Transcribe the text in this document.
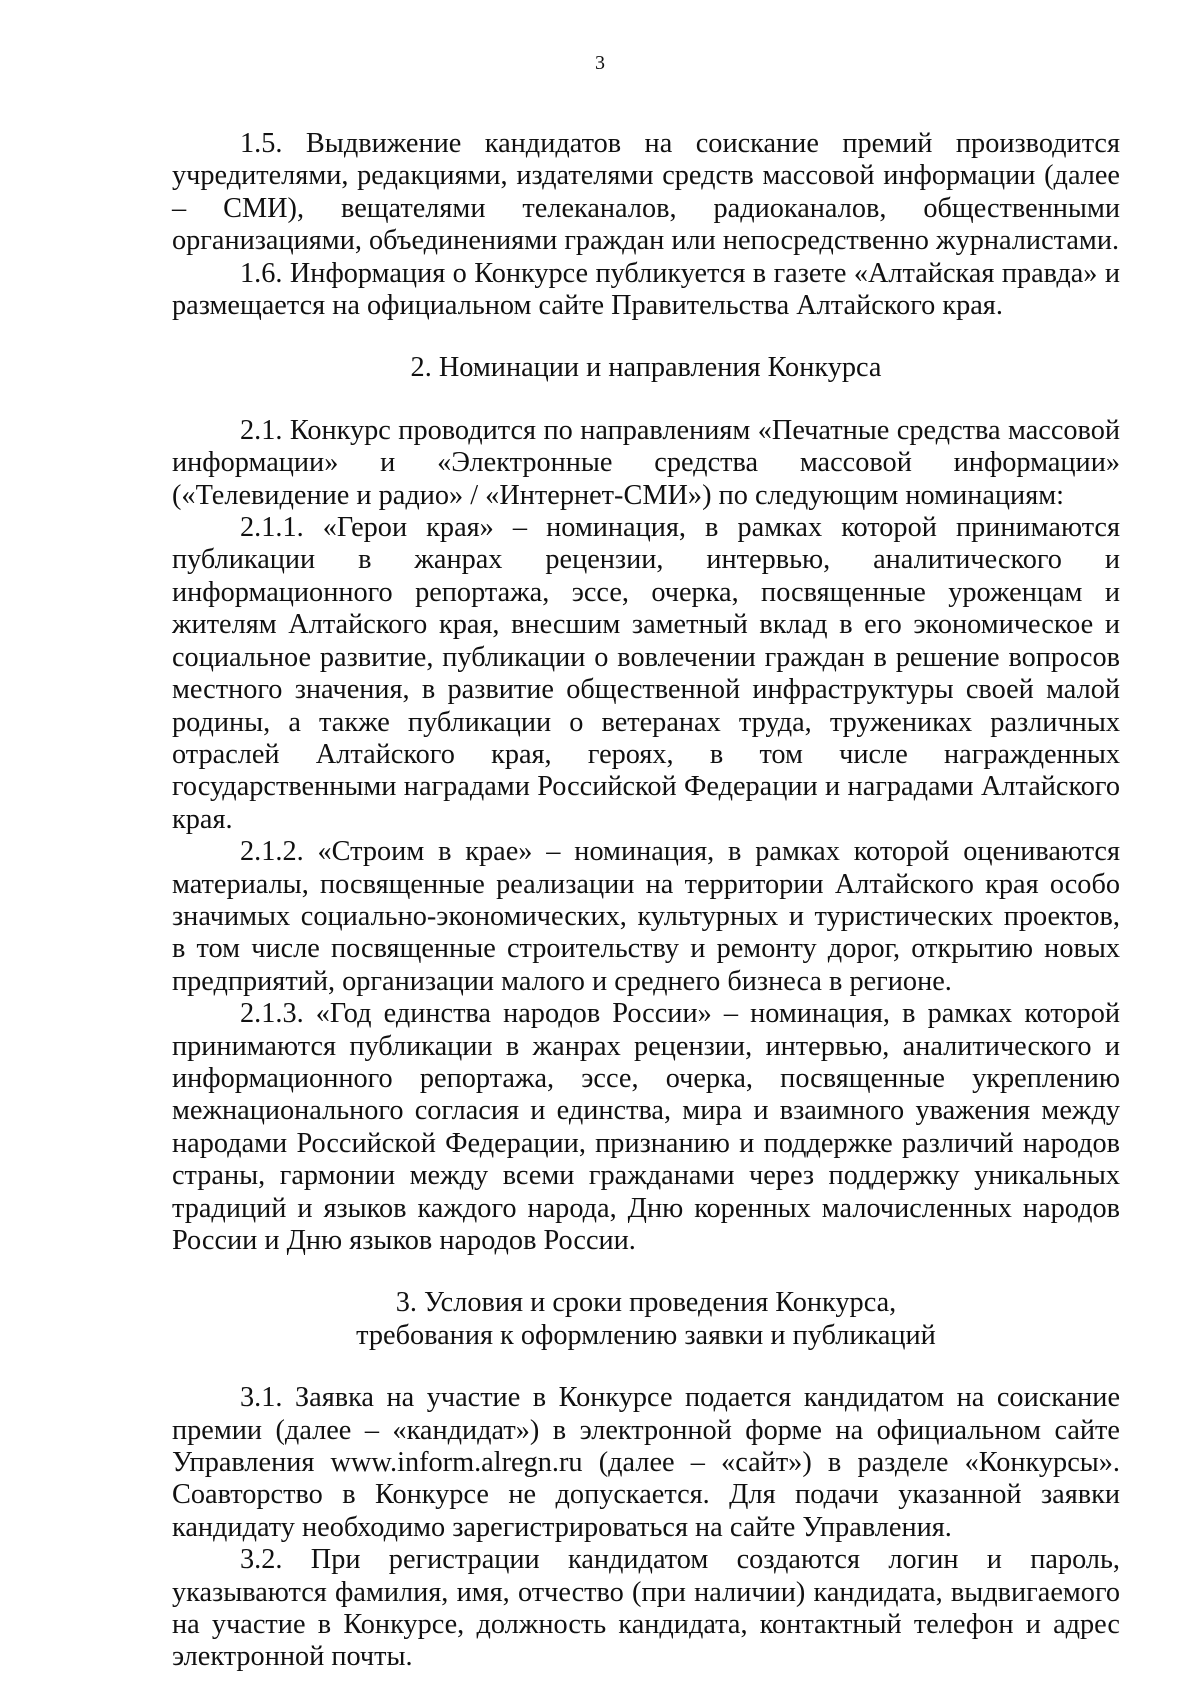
3

1.5. Выдвижение кандидатов на соискание премий производится учредителями, редакциями, издателями средств массовой информации (далее – СМИ), вещателями телеканалов, радиоканалов, общественными организациями, объединениями граждан или непосредственно журналистами.

1.6. Информация о Конкурсе публикуется в газете «Алтайская правда» и размещается на официальном сайте Правительства Алтайского края.

2. Номинации и направления Конкурса

2.1. Конкурс проводится по направлениям «Печатные средства массовой информации» и «Электронные средства массовой информации» («Телевидение и радио» / «Интернет-СМИ») по следующим номинациям:

2.1.1. «Герои края» – номинация, в рамках которой принимаются публикации в жанрах рецензии, интервью, аналитического и информационного репортажа, эссе, очерка, посвященные уроженцам и жителям Алтайского края, внесшим заметный вклад в его экономическое и социальное развитие, публикации о вовлечении граждан в решение вопросов местного значения, в развитие общественной инфраструктуры своей малой родины, а также публикации о ветеранах труда, тружениках различных отраслей Алтайского края, героях, в том числе награжденных государственными наградами Российской Федерации и наградами Алтайского края.

2.1.2. «Строим в крае» – номинация, в рамках которой оцениваются материалы, посвященные реализации на территории Алтайского края особо значимых социально-экономических, культурных и туристических проектов, в том числе посвященные строительству и ремонту дорог, открытию новых предприятий, организации малого и среднего бизнеса в регионе.

2.1.3. «Год единства народов России» – номинация, в рамках которой принимаются публикации в жанрах рецензии, интервью, аналитического и информационного репортажа, эссе, очерка, посвященные укреплению межнационального согласия и единства, мира и взаимного уважения между народами Российской Федерации, признанию и поддержке различий народов страны, гармонии между всеми гражданами через поддержку уникальных традиций и языков каждого народа, Дню коренных малочисленных народов России и Дню языков народов России.

3. Условия и сроки проведения Конкурса,
требования к оформлению заявки и публикаций

3.1. Заявка на участие в Конкурсе подается кандидатом на соискание премии (далее – «кандидат») в электронной форме на официальном сайте Управления www.inform.alregn.ru (далее – «сайт») в разделе «Конкурсы». Соавторство в Конкурсе не допускается. Для подачи указанной заявки кандидату необходимо зарегистрироваться на сайте Управления.

3.2. При регистрации кандидатом создаются логин и пароль, указываются фамилия, имя, отчество (при наличии) кандидата, выдвигаемого на участие в Конкурсе, должность кандидата, контактный телефон и адрес электронной почты.
